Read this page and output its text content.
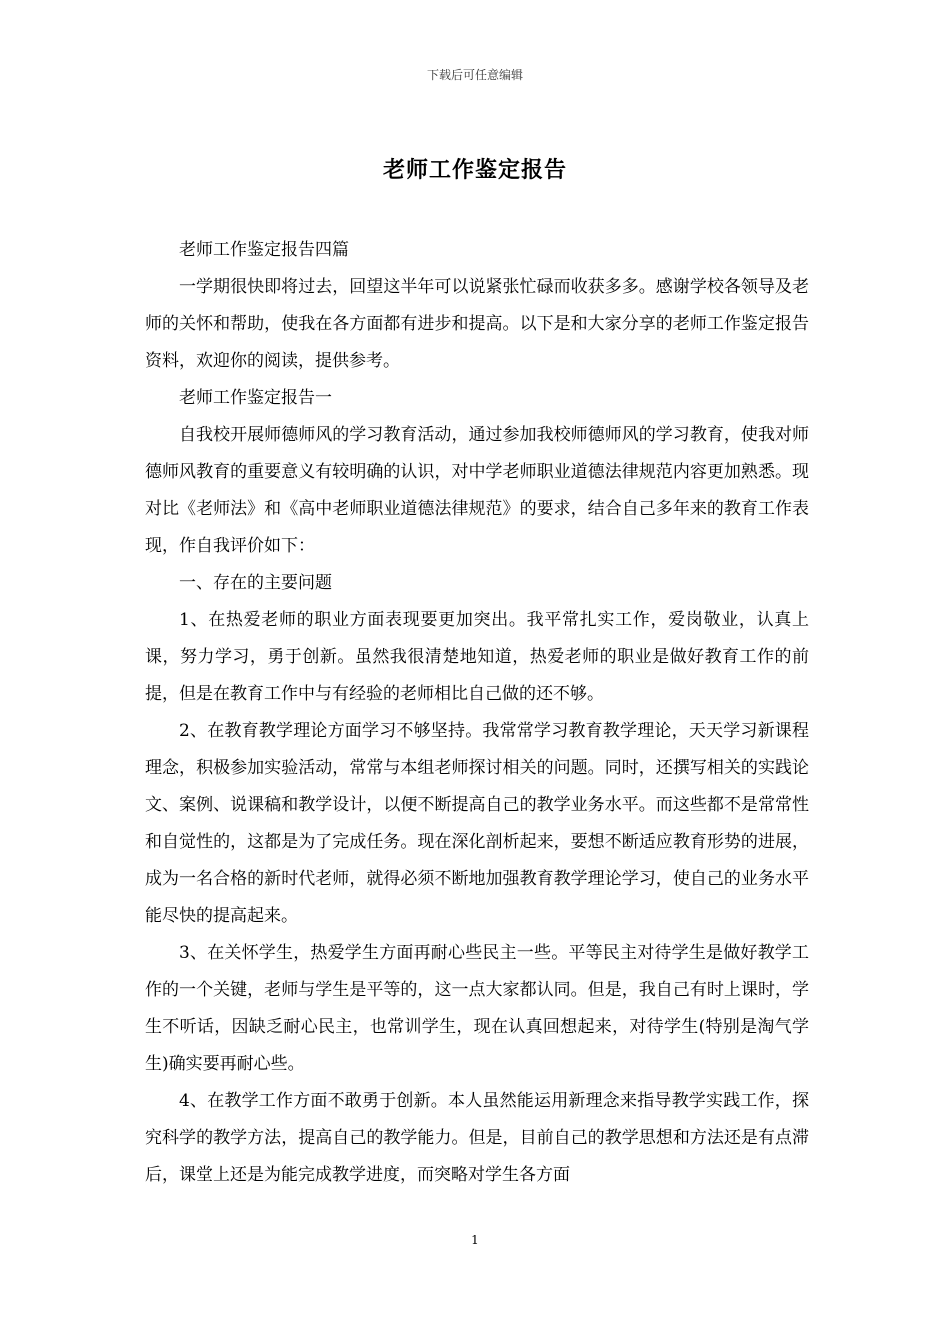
下载后可任意编辑
老师工作鉴定报告

老师工作鉴定报告四篇

一学期很快即将过去，回望这半年可以说紧张忙碌而收获多多。感谢学校各领导及老师的关怀和帮助，使我在各方面都有进步和提高。以下是和大家分享的老师工作鉴定报告资料，欢迎你的阅读，提供参考。

老师工作鉴定报告一

自我校开展师德师风的学习教育活动，通过参加我校师德师风的学习教育，使我对师德师风教育的重要意义有较明确的认识，对中学老师职业道德法律规范内容更加熟悉。现对比《老师法》和《高中老师职业道德法律规范》的要求，结合自己多年来的教育工作表现，作自我评价如下：

一、存在的主要问题

1、在热爱老师的职业方面表现要更加突出。我平常扎实工作，爱岗敬业，认真上课，努力学习，勇于创新。虽然我很清楚地知道，热爱老师的职业是做好教育工作的前提，但是在教育工作中与有经验的老师相比自己做的还不够。

2、在教育教学理论方面学习不够坚持。我常常学习教育教学理论，天天学习新课程理念，积极参加实验活动，常常与本组老师探讨相关的问题。同时，还撰写相关的实践论文、案例、说课稿和教学设计，以便不断提高自己的教学业务水平。而这些都不是常常性和自觉性的，这都是为了完成任务。现在深化剖析起来，要想不断适应教育形势的进展，成为一名合格的新时代老师，就得必须不断地加强教育教学理论学习，使自己的业务水平能尽快的提高起来。

3、在关怀学生，热爱学生方面再耐心些民主一些。平等民主对待学生是做好教学工作的一个关键，老师与学生是平等的，这一点大家都认同。但是，我自己有时上课时，学生不听话，因缺乏耐心民主，也常训学生，现在认真回想起来，对待学生(特别是淘气学生)确实要再耐心些。

4、在教学工作方面不敢勇于创新。本人虽然能运用新理念来指导教学实践工作，探究科学的教学方法，提高自己的教学能力。但是，目前自己的教学思想和方法还是有点滞后，课堂上还是为能完成教学进度，而突略对学生各方面

1
